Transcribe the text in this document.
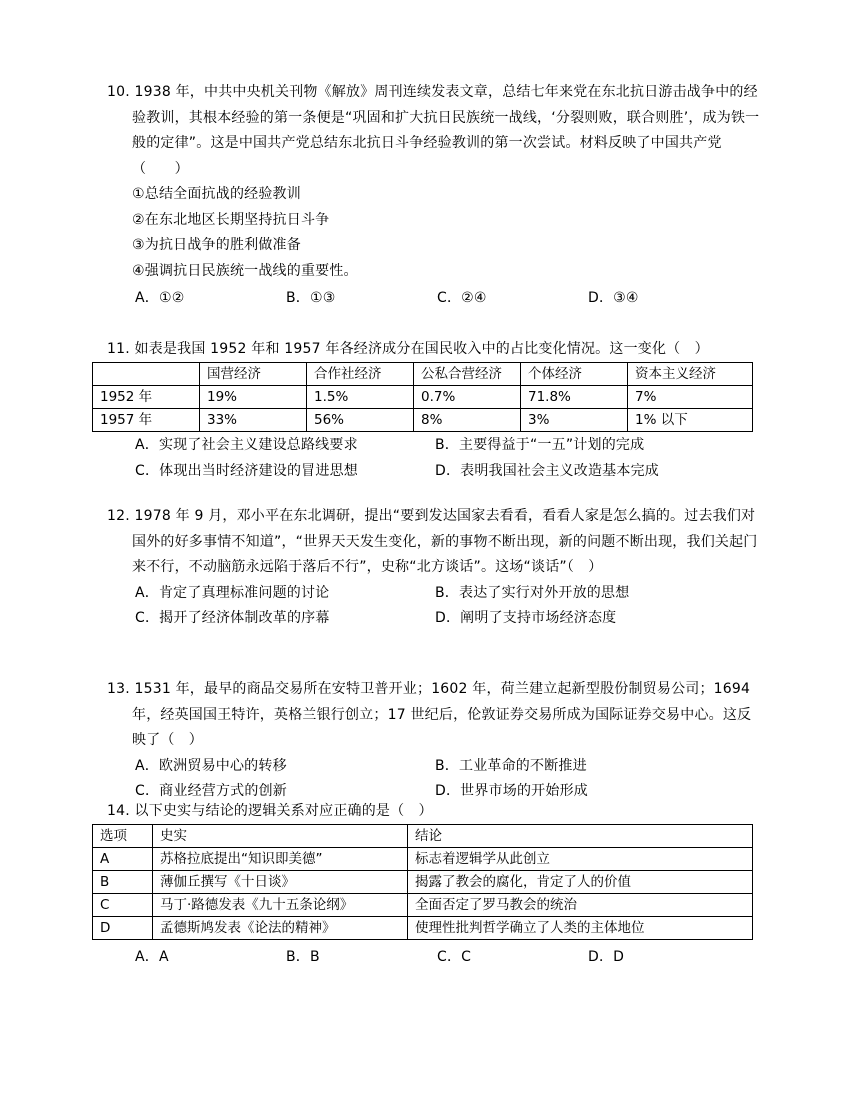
10. 1938 年，中共中央机关刊物《解放》周刊连续发表文章，总结七年来党在东北抗日游击战争中的经验教训，其根本经验的第一条便是“巩固和扩大抗日民族统一战线，‘分裂则败，联合则胜’，成为铁一般的定律”。这是中国共产党总结东北抗日斗争经验教训的第一次尝试。材料反映了中国共产党（　　）

①总结全面抗战的经验教训
②在东北地区长期坚持抗日斗争
③为抗日战争的胜利做准备
④强调抗日民族统一战线的重要性。
A．①②	B．①③	C．②④	D．③④

11. 如表是我国 1952 年和 1957 年各经济成分在国民收入中的占比变化情况。这一变化（　）

	国营经济	合作社经济	公私合营经济	个体经济	资本主义经济
1952 年	19%	1.5%	0.7%	71.8%	7%
1957 年	33%	56%	8%	3%	1% 以下
A．实现了社会主义建设总路线要求	B．主要得益于“一五”计划的完成
C．体现出当时经济建设的冒进思想	D．表明我国社会主义改造基本完成

12. 1978 年 9 月，邓小平在东北调研，提出“要到发达国家去看看，看看人家是怎么搞的。过去我们对国外的好多事情不知道”，“世界天天发生变化，新的事物不断出现，新的问题不断出现，我们关起门来不行，不动脑筋永远陷于落后不行”，史称“北方谈话”。这场“谈话”（　）

A．肯定了真理标准问题的讨论	B．表达了实行对外开放的思想
C．揭开了经济体制改革的序幕	D．阐明了支持市场经济态度

13. 1531 年，最早的商品交易所在安特卫普开业；1602 年，荷兰建立起新型股份制贸易公司；1694 年，经英国国王特许，英格兰银行创立；17 世纪后，伦敦证券交易所成为国际证券交易中心。这反映了（　）

A．欧洲贸易中心的转移	B．工业革命的不断推进
C．商业经营方式的创新	D．世界市场的开始形成

14. 以下史实与结论的逻辑关系对应正确的是（　）

选项	史实	结论
A	苏格拉底提出“知识即美德”	标志着逻辑学从此创立
B	薄伽丘撰写《十日谈》	揭露了教会的腐化，肯定了人的价值
C	马丁·路德发表《九十五条论纲》	全面否定了罗马教会的统治
D	孟德斯鸠发表《论法的精神》	使理性批判哲学确立了人类的主体地位
A．A	B．B	C．C	D．D
